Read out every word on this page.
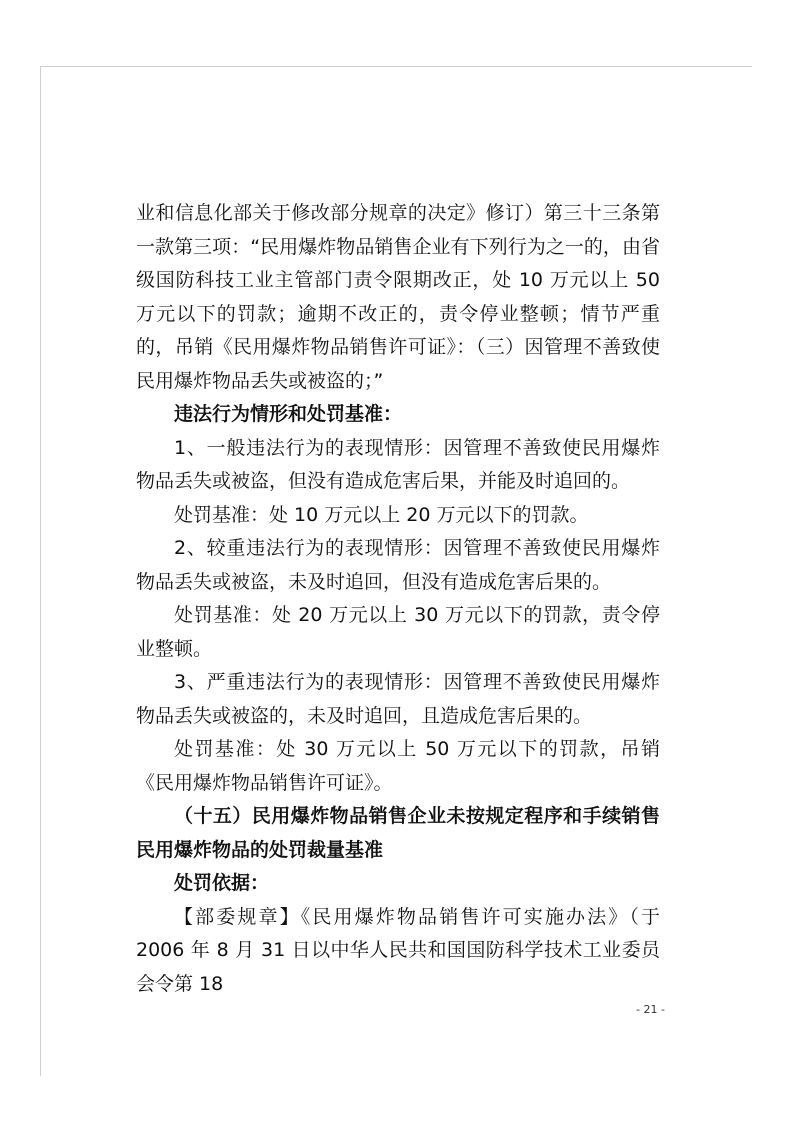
业和信息化部关于修改部分规章的决定》修订）第三十三条第一款第三项：“民用爆炸物品销售企业有下列行为之一的，由省级国防科技工业主管部门责令限期改正，处 10 万元以上 50 万元以下的罚款；逾期不改正的，责令停业整顿；情节严重的，吊销《民用爆炸物品销售许可证》：（三）因管理不善致使民用爆炸物品丢失或被盗的；”

违法行为情形和处罚基准：

1、一般违法行为的表现情形：因管理不善致使民用爆炸物品丢失或被盗，但没有造成危害后果，并能及时追回的。

处罚基准：处 10 万元以上 20 万元以下的罚款。

2、较重违法行为的表现情形：因管理不善致使民用爆炸物品丢失或被盗，未及时追回，但没有造成危害后果的。

处罚基准：处 20 万元以上 30 万元以下的罚款，责令停业整顿。

3、严重违法行为的表现情形：因管理不善致使民用爆炸物品丢失或被盗的，未及时追回，且造成危害后果的。

处罚基准：处 30 万元以上 50 万元以下的罚款，吊销《民用爆炸物品销售许可证》。

（十五）民用爆炸物品销售企业未按规定程序和手续销售民用爆炸物品的处罚裁量基准

处罚依据：

【部委规章】《民用爆炸物品销售许可实施办法》（于 2006 年 8 月 31 日以中华人民共和国国防科学技术工业委员会令第 18

- 21 -
